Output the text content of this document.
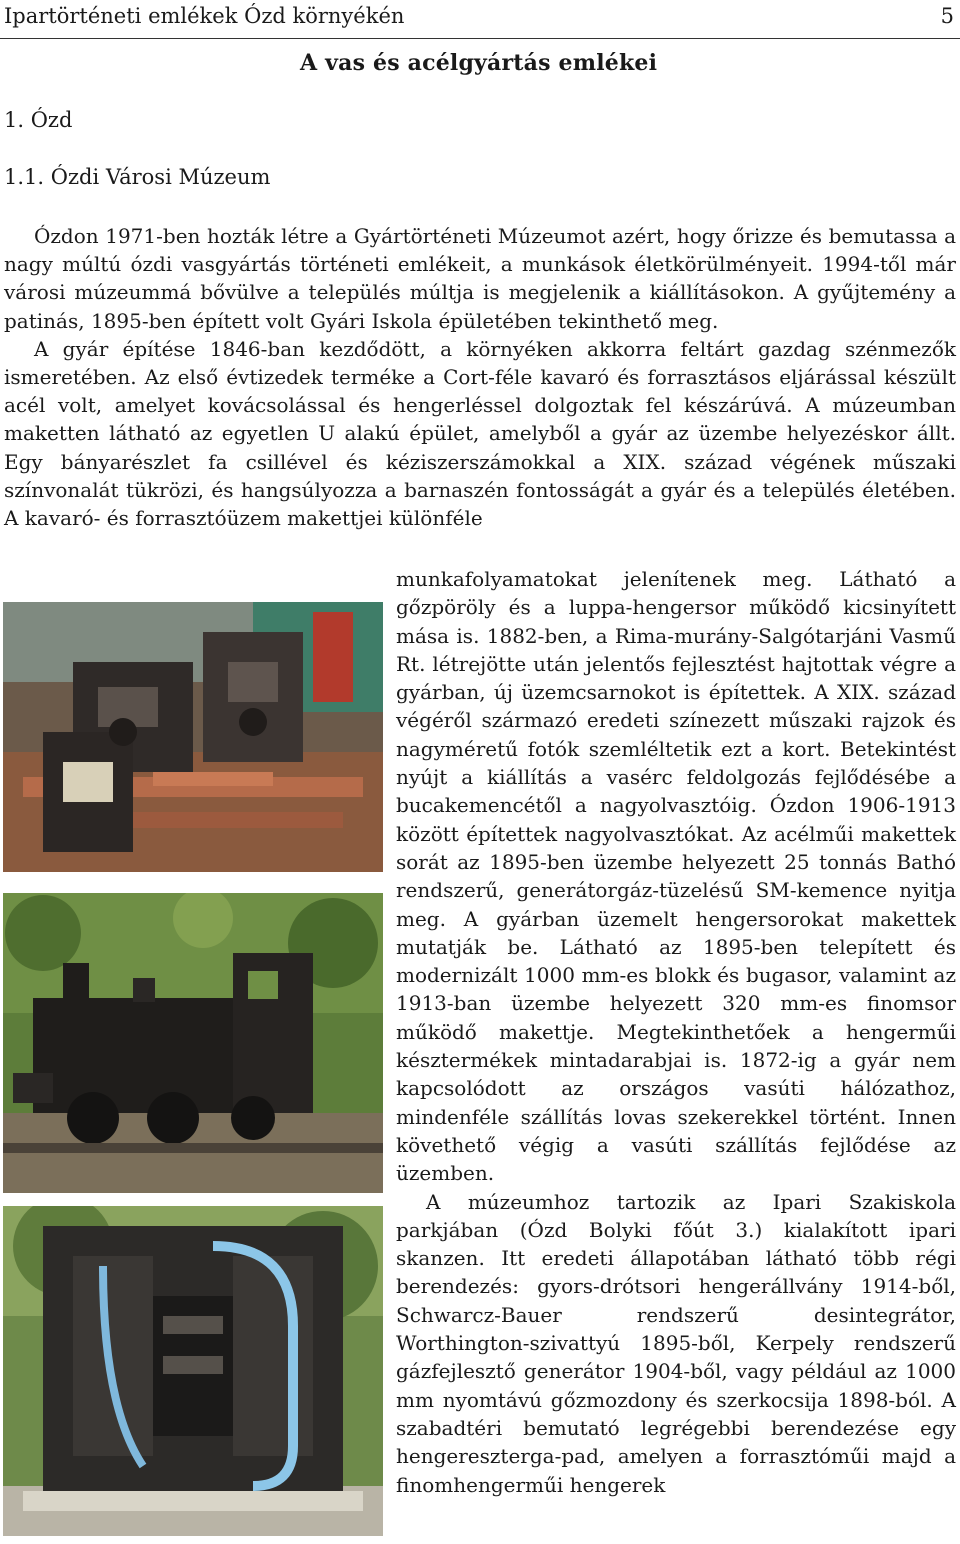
Ipartörténeti emlékek Ózd környékén	5
A vas és acélgyártás emlékei
1. Ózd
1.1. Ózdi Városi Múzeum

Ózdon 1971-ben hozták létre a Gyártörténeti Múzeumot azért, hogy őrizze és bemutassa a nagy múltú ózdi vasgyártás történeti emlékeit, a munkások életkörülményeit. 1994-től már városi múzeummá bővülve a település múltja is megjelenik a kiállításokon. A gyűjtemény a patinás, 1895-ben épített volt Gyári Iskola épületében tekinthető meg.

A gyár építése 1846-ban kezdődött, a környéken akkorra feltárt gazdag szénmezők ismeretében. Az első évtizedek terméke a Cort-féle kavaró és forrasztásos eljárással készült acél volt, amelyet kovácsolással és hengerléssel dolgoztak fel készárúvá. A múzeumban maketten látható az egyetlen U alakú épület, amelyből a gyár az üzembe helyezéskor állt. Egy bányarészlet fa csillével és kéziszerszámokkal a XIX. század végének műszaki színvonalát tükrözi, és hangsúlyozza a barnaszén fontosságát a gyár és a település életében. A kavaró- és forrasztóüzem makettjei különféle

munkafolyamatokat jelenítenek meg. Látható a gőzpöröly és a luppa-hengersor működő kicsinyített mása is. 1882-ben, a Rima-murány-Salgótarjáni Vasmű Rt. létrejötte után jelentős fejlesztést hajtottak végre a gyárban, új üzemcsarnokot is építettek. A XIX. század végéről származó eredeti színezett műszaki rajzok és nagyméretű fotók szemléltetik ezt a kort. Betekintést nyújt a kiállítás a vasérc feldolgozás fejlődésébe a bucakemencétől a nagyolvasztóig. Ózdon 1906-1913 között építettek nagyolvasztókat. Az acélműi makettek sorát az 1895-ben üzembe helyezett 25 tonnás Bathó rendszerű, generátorgáz-tüzelésű SM-kemence nyitja meg. A gyárban üzemelt hengersorokat makettek mutatják be. Látható az 1895-ben telepített és modernizált 1000 mm-es blokk és bugasor, valamint az 1913-ban üzembe helyezett 320 mm-es finomsor működő makettje. Megtekinthetőek a hengerműi késztermékek mintadarabjai is. 1872-ig a gyár nem kapcsolódott az országos vasúti hálózathoz, mindenféle szállítás lovas szekerekkel történt. Innen követhető végig a vasúti szállítás fejlődése az üzemben.

A múzeumhoz tartozik az Ipari Szakiskola parkjában (Ózd Bolyki főút 3.) kialakított ipari skanzen. Itt eredeti állapotában látható több régi berendezés: gyors-drótsori hengerállvány 1914-ből, Schwarcz-Bauer rendszerű desintegrátor, Worthington-szivattyú 1895-ből, Kerpely rendszerű gázfejlesztő generátor 1904-ből, vagy például az 1000 mm nyomtávú gőzmozdony és szerkocsija 1898-ból. A szabadtéri bemutató legrégebbi berendezése egy hengereszterga-pad, amelyen a forrasztóműi majd a finomhengerműi hengerek
